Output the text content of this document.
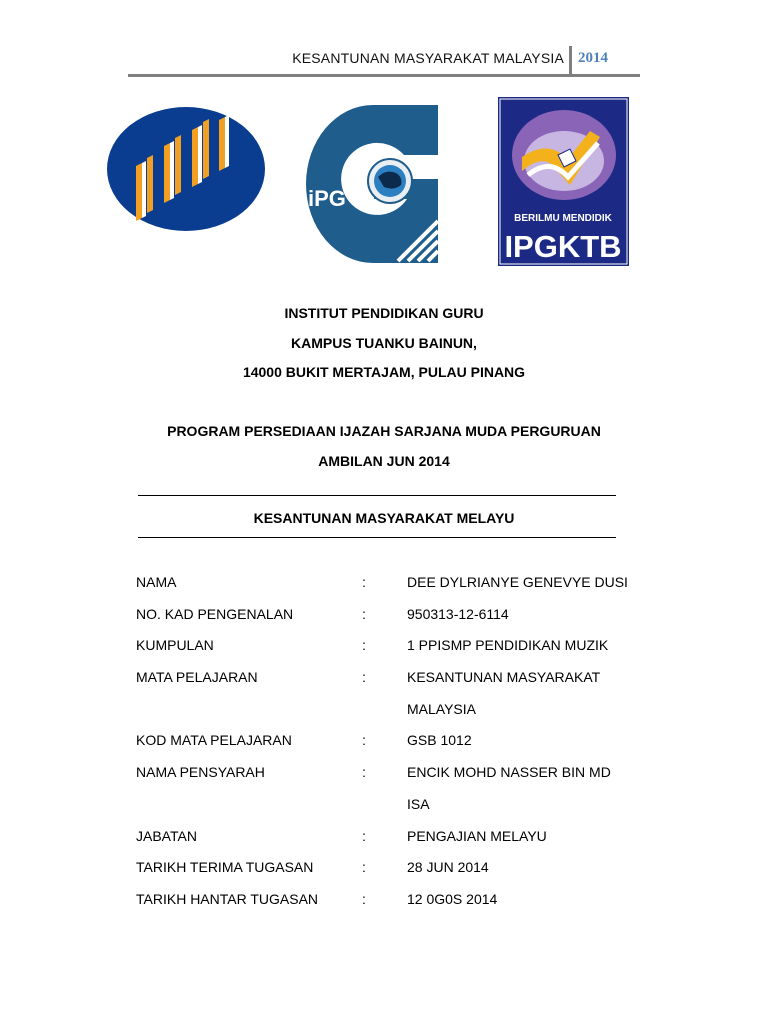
KESANTUNAN MASYARAKAT MALAYSIA 2014
iPG
BERILMU MENDIDIK
IPGKTB
INSTITUT PENDIDIKAN GURU
KAMPUS TUANKU BAINUN,
14000 BUKIT MERTAJAM, PULAU PINANG
PROGRAM PERSEDIAAN IJAZAH SARJANA MUDA PERGURUAN
AMBILAN JUN 2014
KESANTUNAN MASYARAKAT MELAYU
NAMA	:	DEE DYLRIANYE GENEVYE DUSI
NO. KAD PENGENALAN	:	950313-12-6114
KUMPULAN	:	1 PPISMP PENDIDIKAN MUZIK
MATA PELAJARAN	:	KESANTUNAN MASYARAKAT
MALAYSIA
KOD MATA PELAJARAN	:	GSB 1012
NAMA PENSYARAH	:	ENCIK MOHD NASSER BIN MD
ISA
JABATAN	:	PENGAJIAN MELAYU
TARIKH TERIMA TUGASAN	:	28 JUN 2014
TARIKH HANTAR TUGASAN	:	12 0G0S 2014
